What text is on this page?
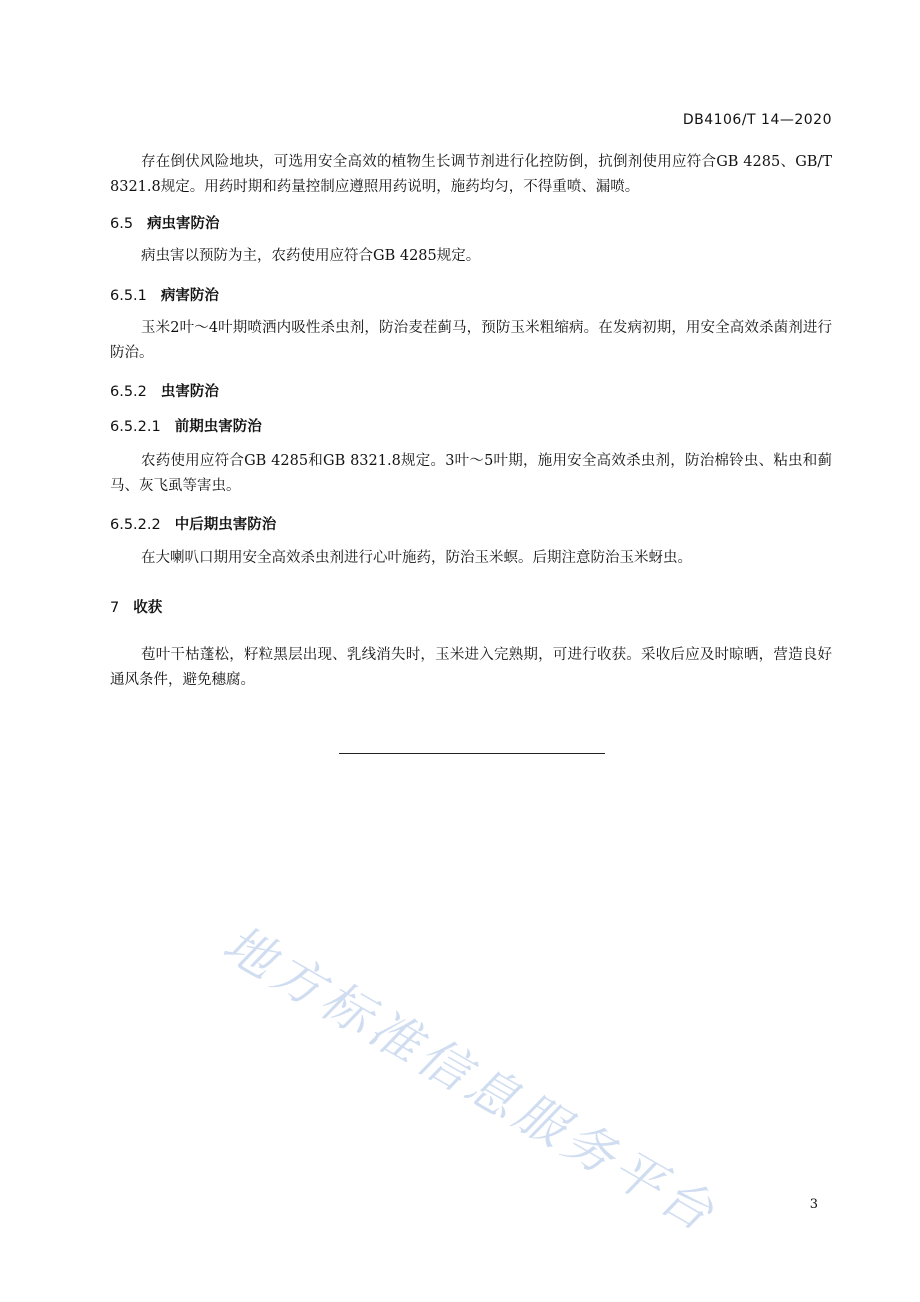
DB4106/T 14—2020

存在倒伏风险地块，可选用安全高效的植物生长调节剂进行化控防倒，抗倒剂使用应符合GB 4285、GB/T 8321.8规定。用药时期和药量控制应遵照用药说明，施药均匀，不得重喷、漏喷。

6.5 病虫害防治

病虫害以预防为主，农药使用应符合GB 4285规定。

6.5.1 病害防治

玉米2叶～4叶期喷洒内吸性杀虫剂，防治麦茬蓟马，预防玉米粗缩病。在发病初期，用安全高效杀菌剂进行防治。

6.5.2 虫害防治
6.5.2.1 前期虫害防治

农药使用应符合GB 4285和GB 8321.8规定。3叶～5叶期，施用安全高效杀虫剂，防治棉铃虫、粘虫和蓟马、灰飞虱等害虫。

6.5.2.2 中后期虫害防治

在大喇叭口期用安全高效杀虫剂进行心叶施药，防治玉米螟。后期注意防治玉米蚜虫。

7 收获

苞叶干枯蓬松，籽粒黑层出现、乳线消失时，玉米进入完熟期，可进行收获。采收后应及时晾晒，营造良好通风条件，避免穗腐。

地方标准信息服务平台	3
